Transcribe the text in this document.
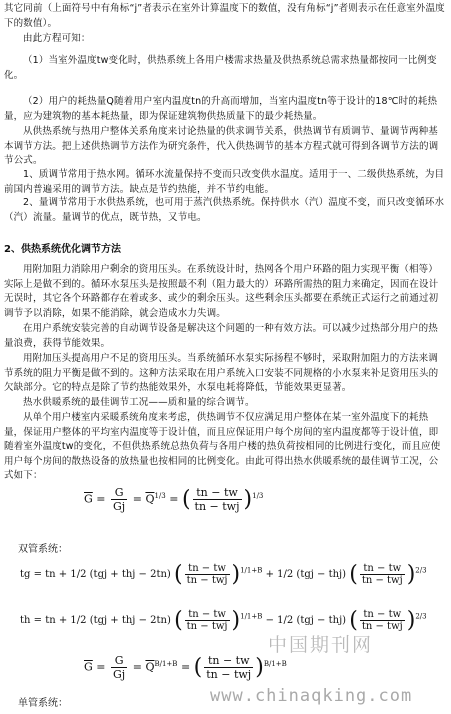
其它同前（上面符号中有角标“j”者表示在室外计算温度下的数值，没有角标“j”者则表示在任意室外温度下的数值）。
由此方程可知：
（1）当室外温度tw变化时，供热系统上各用户楼需求热量及供热系统总需求热量都按同一比例变化。
（2）用户的耗热量Q随着用户室内温度tn的升高而增加，当室内温度tn等于设计的18℃时的耗热量，应为建筑物的基本耗热量，即为保证建筑物供热质量下的最少耗热量。
从供热系统与热用户整体关系角度来讨论热量的供求调节关系，供热调节有质调节、量调节两种基本调节方法。把上述供热调节方法作为研究条件，代入供热调节的基本方程式就可得到各调节方法的调节公式。
1、质调节常用于热水网。循环水流量保持不变而只改变供水温度。适用于一、二级供热系统，为目前国内普遍采用的调节方法。缺点是节约热能，并不节约电能。
2、量调节常用于水供热系统，也可用于蒸汽供热系统。保持供水（汽）温度不变，而只改变循环水（汽）流量。量调节的优点，既节热，又节电。
2、供热系统优化调节方法
用附加阻力消除用户剩余的资用压头。在系统设计时，热网各个用户环路的阻力实现平衡（相等）实际上是做不到的。循环水泵压头是按照最不利（阻力最大的）环路所需热的阻力来确定，因而在设计无误时，其它各个环路都存在着或多、或少的剩余压头。这些剩余压头都要在系统正式运行之前通过初调节予以消除，如果不能消除，就会造成水力失调。
在用户系统安装完善的自动调节设备是解决这个问题的一种有效方法。可以减少过热部分用户的热量浪费，获得节能效果。
用附加压头提高用户不足的资用压头。当系统循环水泵实际扬程不够时，采取附加阻力的方法来调节系统的阻力平衡是做不到的。这种方法采取在用户系统入口安装不同规格的小水泵来补足资用压头的欠缺部分。它的特点是除了节约热能效果外，水泵电耗将降低，节能效果更显著。
热水供暖系统的最佳调节工况——质和量的综合调节。
从单个用户楼室内采暖系统角度来考虑，供热调节不仅应满足用户整体在某一室外温度下的耗热量，保证用户整体的平均室内温度等于设计值，而且应保证用户每个房间的室内温度都等于设计值，即随着室外温度tw的变化，不但供热系统总热负荷与各用户楼的热负荷按相同的比例进行变化，而且应使用户每个房间的散热设备的放热量也按相同的比例变化。由此可得出热水供暖系统的最佳调节工况，公式如下：
$\overline{G} = \frac{G}{Gj} = \overline{Q}^{1/3}$ = ( $\frac{tn - tw}{\text{tn − twj}} )^{1/3}$
双管系统：
tg = tn + 1/2 (tgj + thj − 2tn) ( $\frac{tn - tw}{\text{tn − twj}} )^{1/1+B} + 1/2$ (tgj − thj) ( $\frac{tn - tw}{\text{tn − twj}} )^{2/3}$
th = tn + 1/2 (tgj + thj − 2tn) ( $\frac{tn - tw}{\text{tn − twj}} )^{1/1+B} - 1/2$ (tgj − thj) ( $\frac{tn - tw}{\text{tn − twj}} )^{2/3}$
$\overline{G} = \frac{G}{Gj} = \overline{Q}^{B/1+B}$ = ( $\frac{tn - tw}{\text{tn − twj}} )^{B/1+B}$
单管系统：
中国期刊网
www.chinaqking.com
